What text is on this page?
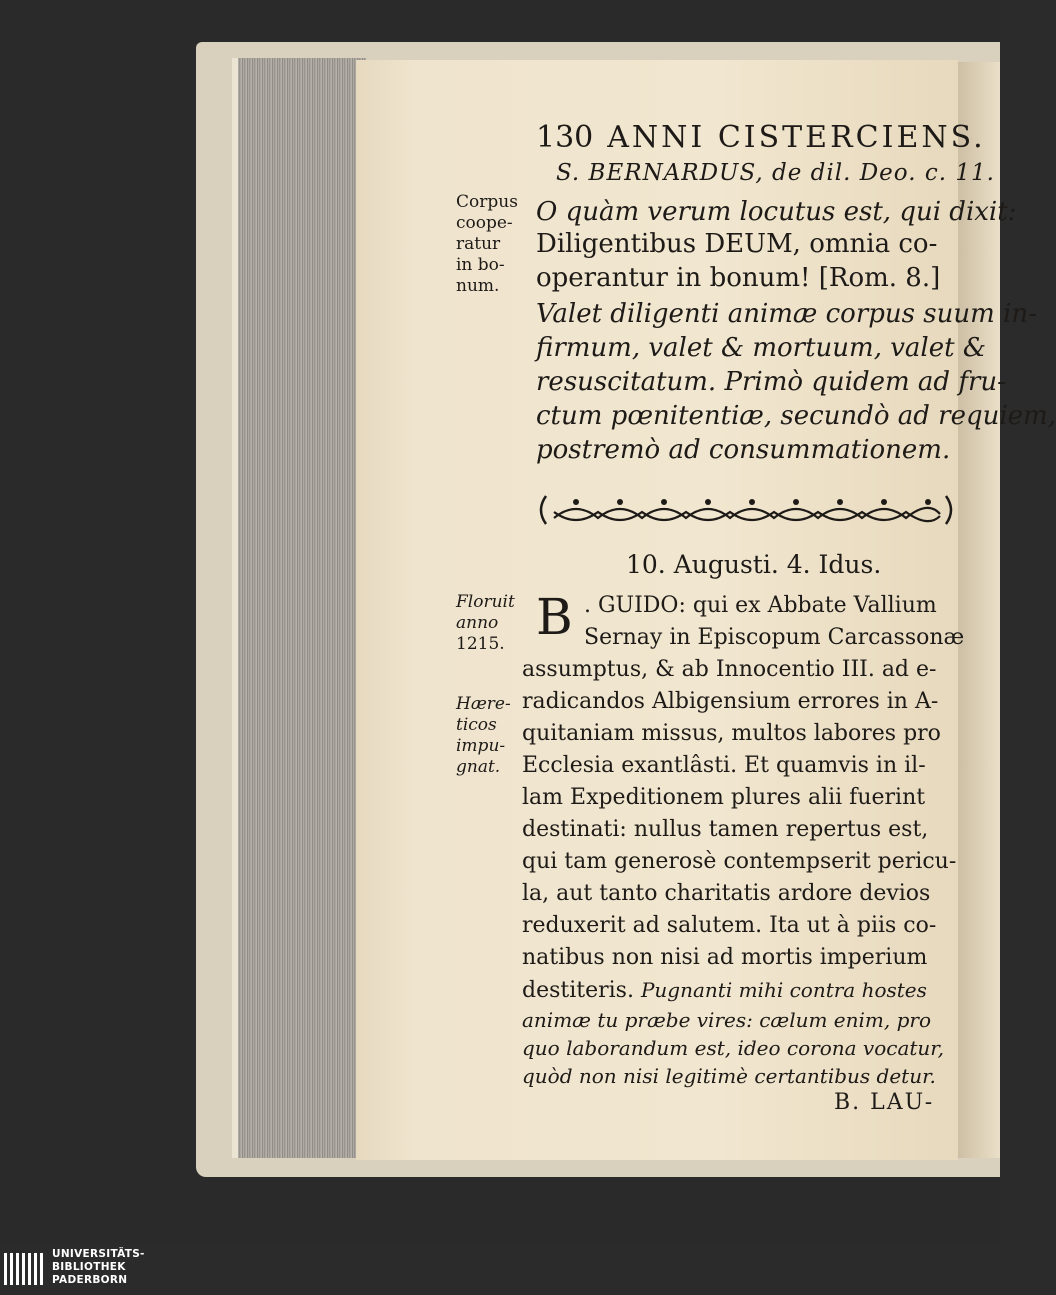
130 ANNI CISTERCIENS.
S. BERNARDUS, de dil. Deo. c. 11.
Corpus
coope-
ratur
in bo-
num.
O quàm verum locutus est, qui dixit:
Diligentibus DEUM, omnia co-
operantur in bonum! [Rom. 8.]
Valet diligenti animæ corpus suum in-
firmum, valet & mortuum, valet &
resuscitatum. Primò quidem ad fru-
ctum pœnitentiæ, secundò ad requiem,
postremò ad consummationem.
10. Augusti. 4. Idus.
Floruit
anno
1215.
Hære-
ticos
impu-
gnat.
B . GUIDO: qui ex Abbate Vallium
Sernay in Episcopum Carcassonæ
assumptus, & ab Innocentio III. ad e-
radicandos Albigensium errores in A-
quitaniam missus, multos labores pro
Ecclesia exantlâsti. Et quamvis in il-
lam Expeditionem plures alii fuerint
destinati: nullus tamen repertus est,
qui tam generosè contempserit pericu-
la, aut tanto charitatis ardore devios
reduxerit ad salutem. Ita ut à piis co-
natibus non nisi ad mortis imperium
destiteris. Pugnanti mihi contra hostes
animæ tu præbe vires: cælum enim, pro
quo laborandum est, ideo corona vocatur,
quòd non nisi legitimè certantibus detur.
B. LAU-
UNIVERSITÄTS-
BIBLIOTHEK
PADERBORN
